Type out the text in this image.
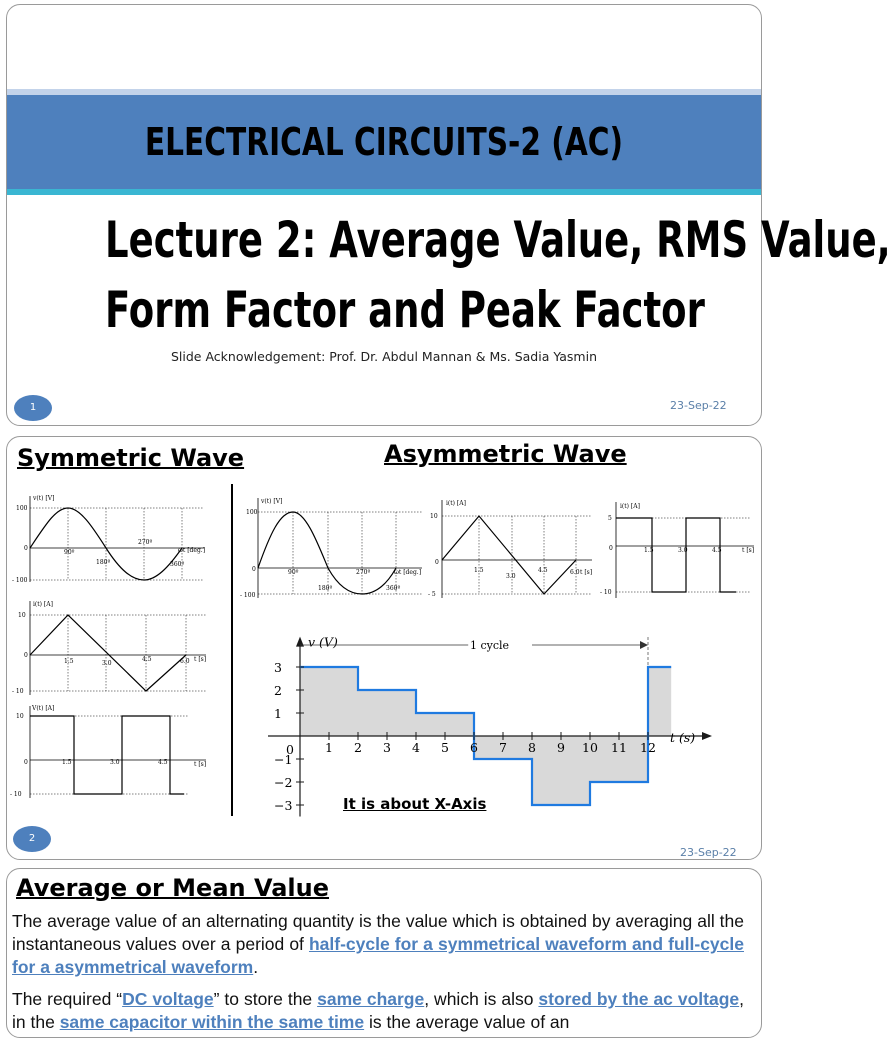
ELECTRICAL CIRCUITS-2 (AC)
Lecture 2: Average Value, RMS Value,
Form Factor and Peak Factor
Slide Acknowledgement: Prof. Dr. Abdul Mannan & Ms. Sadia Yasmin
1	23-Sep-22
Symmetric Wave	Asymmetric Wave
v(t) [V]
ωt [deg.]
100
0
- 100
90º
180º
270º
360º
i(t) [A]
t [s]
10
0
- 10
1.5	3.0
4.5	6.0
V(t) [A]
t [s]
10
0
- 10
1.5	3.0	4.5
v(t) [V]
ωt [deg.]
100
0
- 100
90º
180º
270º
360º
i(t) [A]
t [s]
10
0
- 5
1.5
3.0
4.5	6.0
i(t) [A]
t [s]
5
0
- 10
1.5	3.0	4.5
3
2
1
0
−1
−2
−3
1 2 3 4 5 6 7 8 9 10 11 12
v (V)
t (s)
1 cycle
It is about X-Axis
2
23-Sep-22
Average or Mean Value
The average value of an alternating quantity is the value which is obtained by averaging all the instantaneous values over a period of half-cycle for a symmetrical waveform and full-cycle for a asymmetrical waveform.
The required “DC voltage” to store the same charge, which is also stored by the ac voltage, in the same capacitor within the same time is the average value of an
